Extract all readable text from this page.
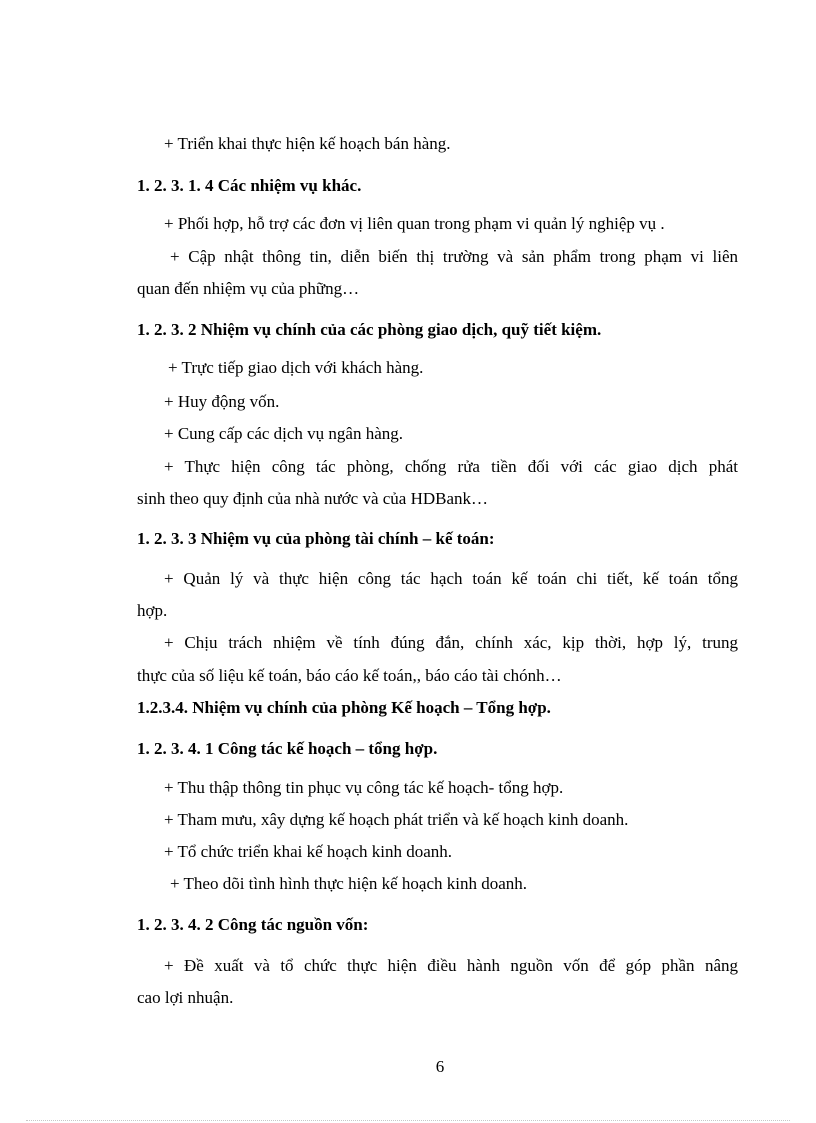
+ Triển khai thực hiện kế hoạch bán hàng.
1. 2. 3. 1. 4 Các nhiệm vụ khác.
+ Phối hợp, hỗ trợ các đơn vị liên quan trong phạm vi quản lý nghiệp vụ .
+ Cập nhật thông tin, diễn biến thị trường và sản phẩm trong phạm vi liên
quan đến nhiệm vụ của phững…
1. 2. 3. 2 Nhiệm vụ chính của các phòng giao dịch, quỹ tiết kiệm.
+ Trực tiếp giao dịch với khách hàng.
+ Huy động vốn.
+ Cung cấp các dịch vụ ngân hàng.
+ Thực hiện công tác phòng, chống rửa tiền đối với các giao dịch phát
sinh theo quy định của nhà nước và của HDBank…
1. 2. 3. 3 Nhiệm vụ của phòng tài chính – kế toán:
+ Quản lý và thực hiện công tác hạch toán kế toán chi tiết, kế toán tổng
hợp.
+ Chịu trách nhiệm về tính đúng đắn, chính xác, kịp thời, hợp lý, trung
thực của số liệu kế toán, báo cáo kế toán,, báo cáo tài chónh…
1.2.3.4. Nhiệm vụ chính của phòng Kế hoạch – Tổng hợp.
1. 2. 3. 4. 1 Công tác kế hoạch – tổng hợp.
+ Thu thập thông tin phục vụ công tác kế hoạch- tổng hợp.
+ Tham mưu, xây dựng kế hoạch phát triển và kế hoạch kinh doanh.
+ Tổ chức triển khai kế hoạch kinh doanh.
+ Theo dõi tình hình thực hiện kế hoạch kinh doanh.
1. 2. 3. 4. 2 Công tác nguồn vốn:
+ Đề xuất và tổ chức thực hiện điều hành nguồn vốn để góp phần nâng
cao lợi nhuận.
6
